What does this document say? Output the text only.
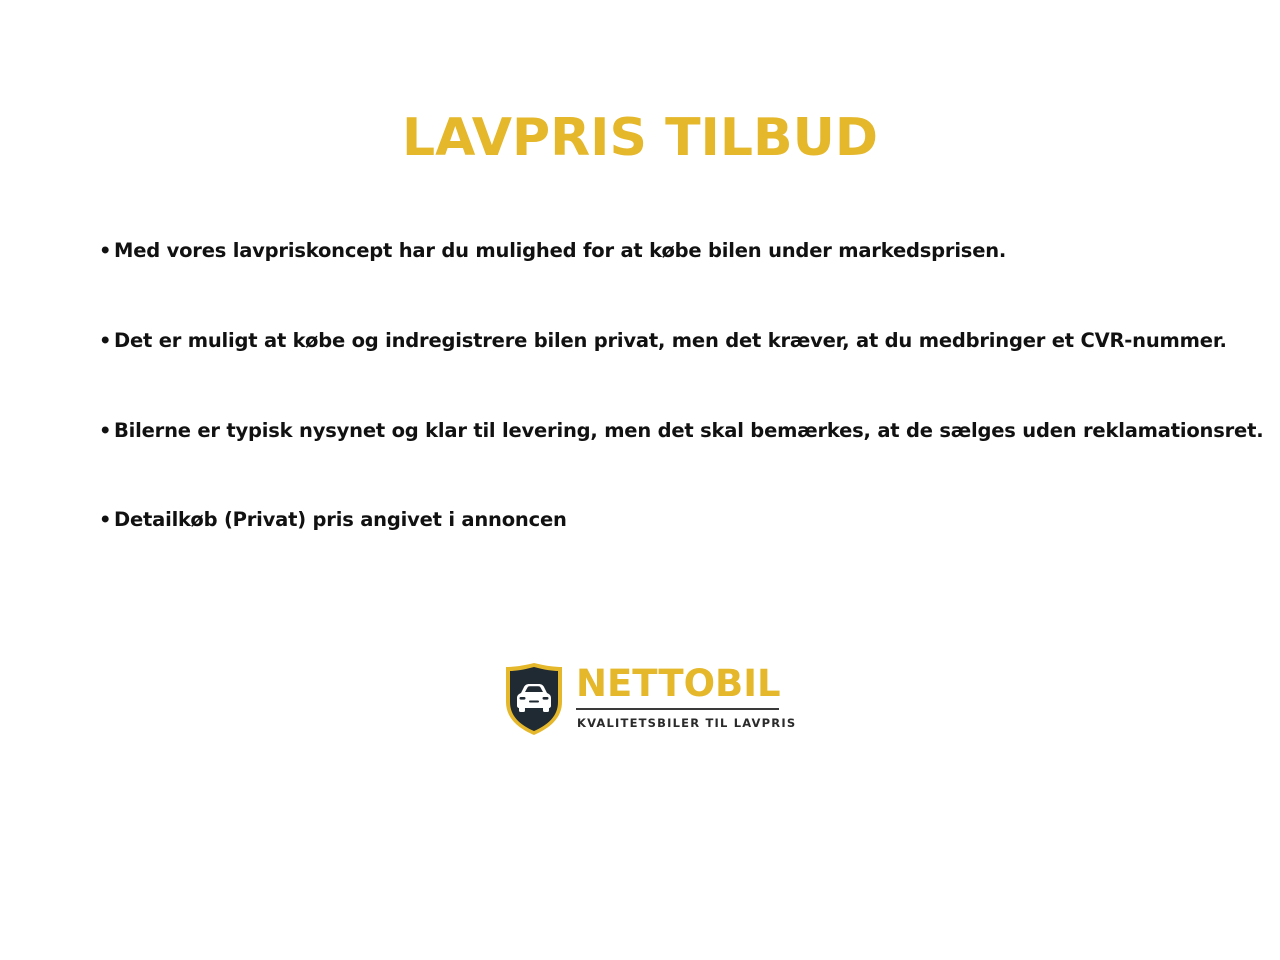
LAVPRIS TILBUD
• Med vores lavpriskoncept har du mulighed for at købe bilen under markedsprisen.
• Det er muligt at købe og indregistrere bilen privat, men det kræver, at du medbringer et CVR-nummer.
• Bilerne er typisk nysynet og klar til levering, men det skal bemærkes, at de sælges uden reklamationsret.
• Detailkøb (Privat) pris angivet i annoncen
NETTOBIL
KVALITETSBILER TIL LAVPRIS
